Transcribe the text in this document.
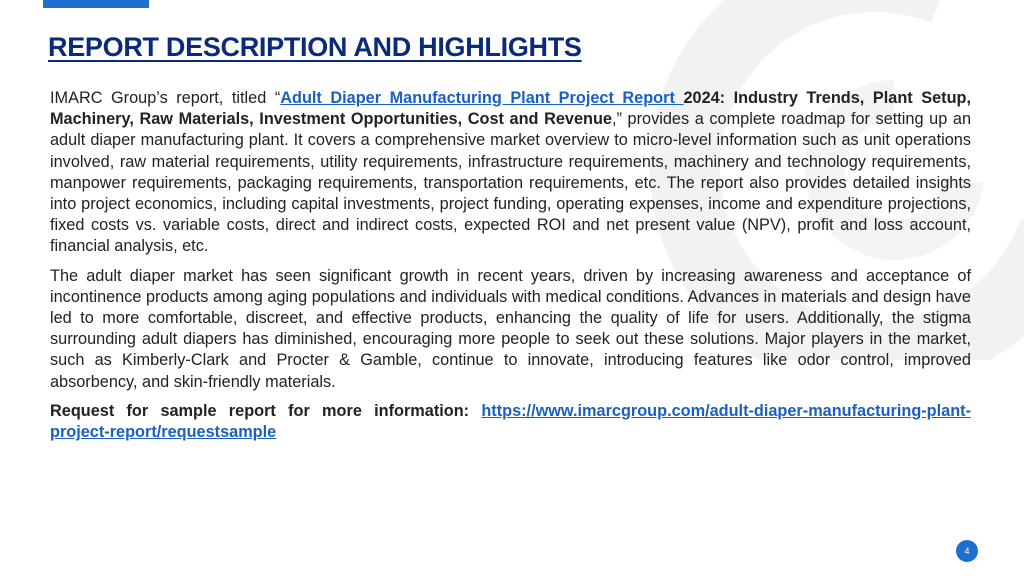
REPORT DESCRIPTION AND HIGHLIGHTS

IMARC Group’s report, titled “Adult Diaper Manufacturing Plant Project Report 2024: Industry Trends, Plant Setup, Machinery, Raw Materials, Investment Opportunities, Cost and Revenue,” provides a complete roadmap for setting up an adult diaper manufacturing plant. It covers a comprehensive market overview to micro-level information such as unit operations involved, raw material requirements, utility requirements, infrastructure requirements, machinery and technology requirements, manpower requirements, packaging requirements, transportation requirements, etc. The report also provides detailed insights into project economics, including capital investments, project funding, operating expenses, income and expenditure projections, fixed costs vs. variable costs, direct and indirect costs, expected ROI and net present value (NPV), profit and loss account, financial analysis, etc.

The adult diaper market has seen significant growth in recent years, driven by increasing awareness and acceptance of incontinence products among aging populations and individuals with medical conditions. Advances in materials and design have led to more comfortable, discreet, and effective products, enhancing the quality of life for users. Additionally, the stigma surrounding adult diapers has diminished, encouraging more people to seek out these solutions. Major players in the market, such as Kimberly-Clark and Procter & Gamble, continue to innovate, introducing features like odor control, improved absorbency, and skin-friendly materials.

Request for sample report for more information: https://www.imarcgroup.com/adult-diaper-manufacturing-plant-project-report/requestsample

4
